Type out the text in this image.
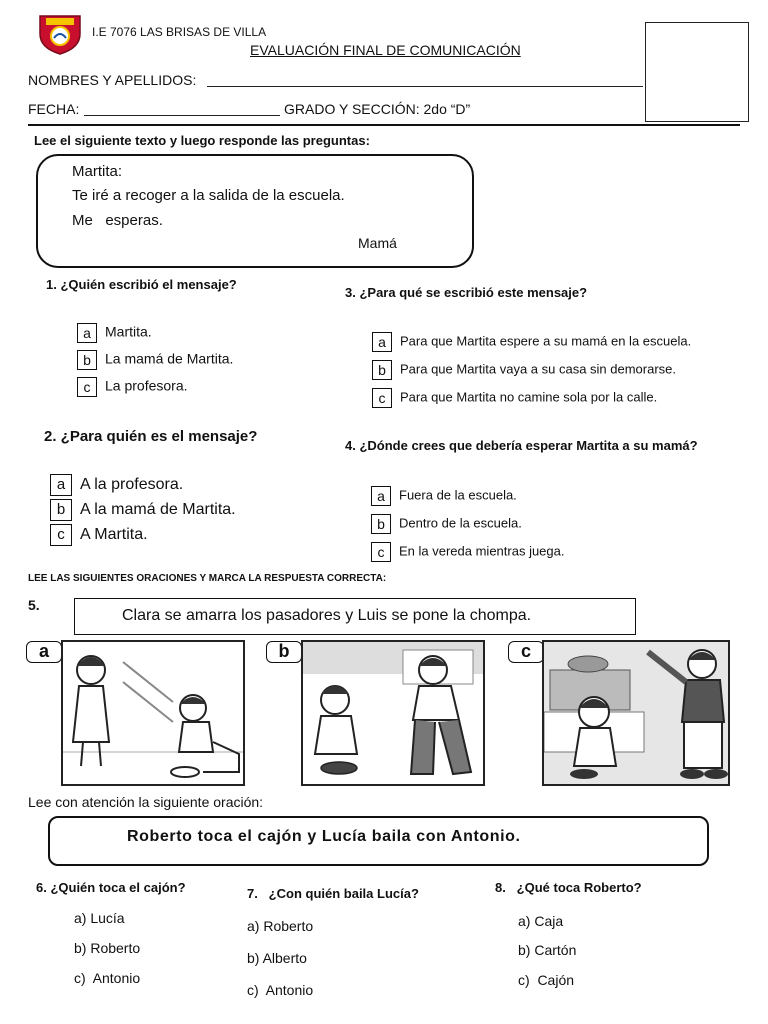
I.E 7076 LAS BRISAS DE VILLA
EVALUACIÓN FINAL DE COMUNICACIÓN
NOMBRES Y APELLIDOS:
FECHA:	GRADO Y SECCIÓN: 2do “D”
Lee el siguiente texto y luego responde las preguntas:
Martita:
Te iré a recoger a la salida de la escuela.
Me   esperas.
Mamá
1. ¿Quién escribió el mensaje?
a Martita.
b La mamá de Martita.
c La profesora.
3. ¿Para qué se escribió este mensaje?
a Para que Martita espere a su mamá en la escuela.
b Para que Martita vaya a su casa sin demorarse.
c Para que Martita no camine sola por la calle.
2. ¿Para quién es el mensaje?
a A la profesora.
b A la mamá de Martita.
c A Martita.
4. ¿Dónde crees que debería esperar Martita a su mamá?
a Fuera de la escuela.
b Dentro de la escuela.
c En la vereda mientras juega.
LEE LAS SIGUIENTES ORACIONES Y MARCA LA RESPUESTA CORRECTA:
5.
Clara se amarra los pasadores y Luis se pone la chompa.
a	b	c
Lee con atención la siguiente oración:
Roberto toca el cajón y Lucía baila con Antonio.
6. ¿Quién toca el cajón?
a) Lucía
b) Roberto
c)  Antonio
7.   ¿Con quién baila Lucía?
a) Roberto
b) Alberto
c)  Antonio
8.   ¿Qué toca Roberto?
a) Caja
b) Cartón
c)  Cajón
